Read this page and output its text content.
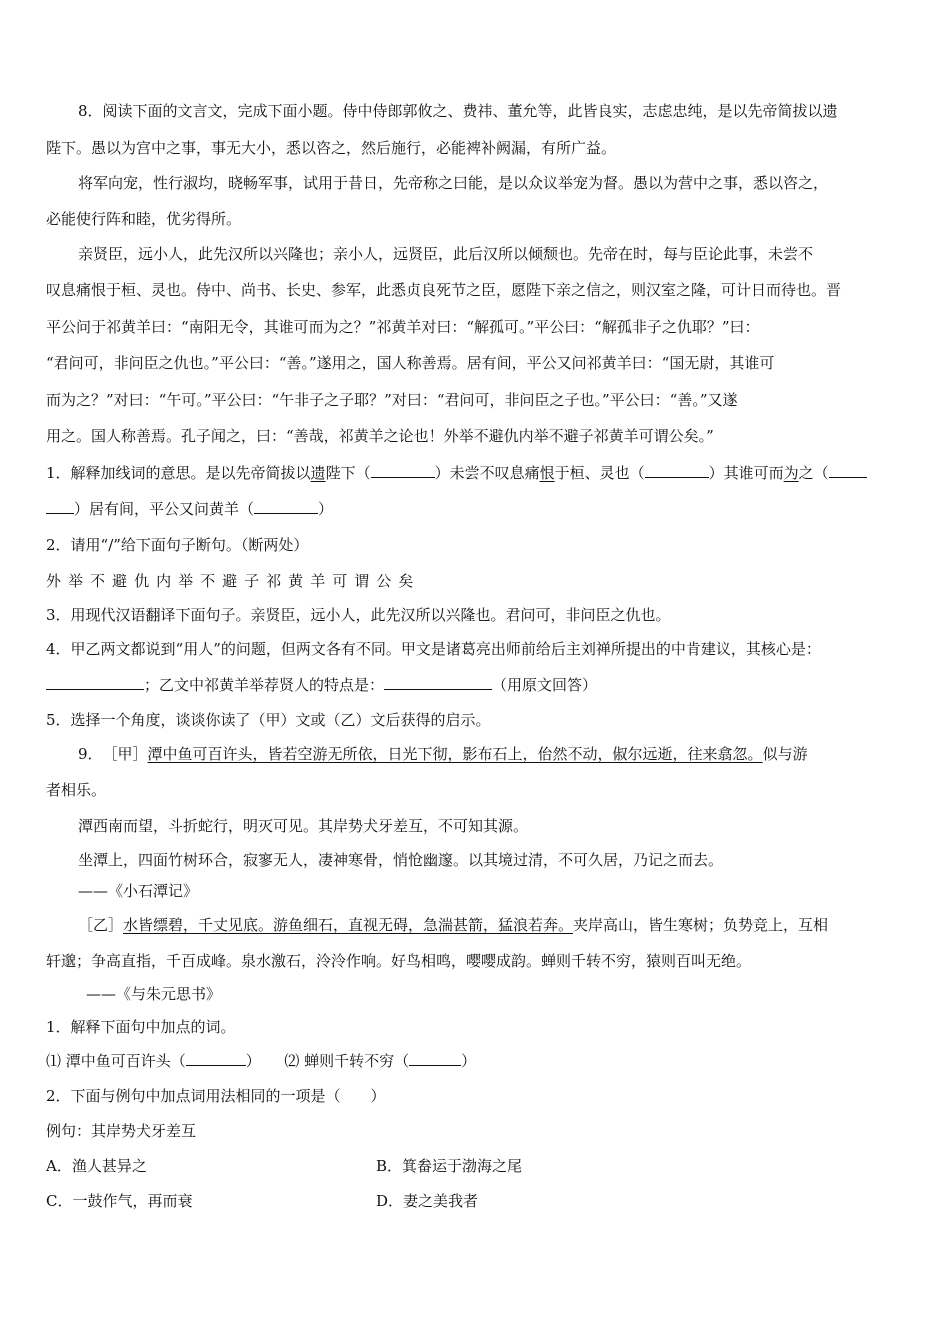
8．阅读下面的文言文，完成下面小题。侍中侍郎郭攸之、费祎、董允等，此皆良实，志虑忠纯，是以先帝简拔以遗
陛下。愚以为宫中之事，事无大小，悉以咨之，然后施行，必能裨补阙漏，有所广益。
将军向宠，性行淑均，晓畅军事，试用于昔日，先帝称之曰能，是以众议举宠为督。愚以为营中之事，悉以咨之，
必能使行阵和睦，优劣得所。
亲贤臣，远小人，此先汉所以兴隆也；亲小人，远贤臣，此后汉所以倾颓也。先帝在时，每与臣论此事，未尝不
叹息痛恨于桓、灵也。侍中、尚书、长史、参军，此悉贞良死节之臣，愿陛下亲之信之，则汉室之隆，可计日而待也。晋
平公问于祁黄羊曰：“南阳无令，其谁可而为之？”祁黄羊对曰：“解孤可。”平公曰：“解孤非子之仇耶？”曰：
“君问可，非问臣之仇也。”平公曰：“善。”遂用之，国人称善焉。居有间，平公又问祁黄羊曰：“国无尉，其谁可
而为之？”对曰：“午可。”平公曰：“午非子之子耶？”对曰：“君问可，非问臣之子也。”平公曰：“善。”又遂
用之。国人称善焉。孔子闻之，曰：“善哉，祁黄羊之论也！外举不避仇内举不避子祁黄羊可谓公矣。”
1．解释加线词的意思。是以先帝简拔以遗陛下（	）未尝不叹息痛恨于桓、灵也（	）其谁可而为之（
）居有间，平公又问黄羊（	）
2．请用“/”给下面句子断句。（断两处）
外 举 不 避 仇 内 举 不 避 子 祁 黄 羊 可 谓 公 矣
3．用现代汉语翻译下面句子。亲贤臣，远小人，此先汉所以兴隆也。君问可，非问臣之仇也。
4．甲乙两文都说到“用人”的问题，但两文各有不同。甲文是诸葛亮出师前给后主刘禅所提出的中肯建议，其核心是：
；乙文中祁黄羊举荐贤人的特点是：	（用原文回答）
5．选择一个角度，谈谈你读了（甲）文或（乙）文后获得的启示。
9．　［甲］潭中鱼可百许头，皆若空游无所依，日光下彻，影布石上，佁然不动，俶尔远逝，往来翕忽。似与游
者相乐。
潭西南而望，斗折蛇行，明灭可见。其岸势犬牙差互，不可知其源。
坐潭上，四面竹树环合，寂寥无人，凄神寒骨，悄怆幽邃。以其境过清，不可久居，乃记之而去。
——《小石潭记》
［乙］水皆缥碧，千丈见底。游鱼细石，直视无碍，急湍甚箭，猛浪若奔。夹岸高山，皆生寒树；负势竞上，互相
轩邈；争高直指，千百成峰。泉水激石，泠泠作响。好鸟相鸣，嘤嘤成韵。蝉则千转不穷，猿则百叫无绝。
——《与朱元思书》
1．解释下面句中加点的词。
⑴ 潭中鱼可百许头（	） ⑵ 蝉则千转不穷（	）
2．下面与例句中加点词用法相同的一项是（　　）
例句：其岸势犬牙差互
A．渔人甚异之	B．箕畚运于渤海之尾
C．一鼓作气，再而衰	D．妻之美我者
